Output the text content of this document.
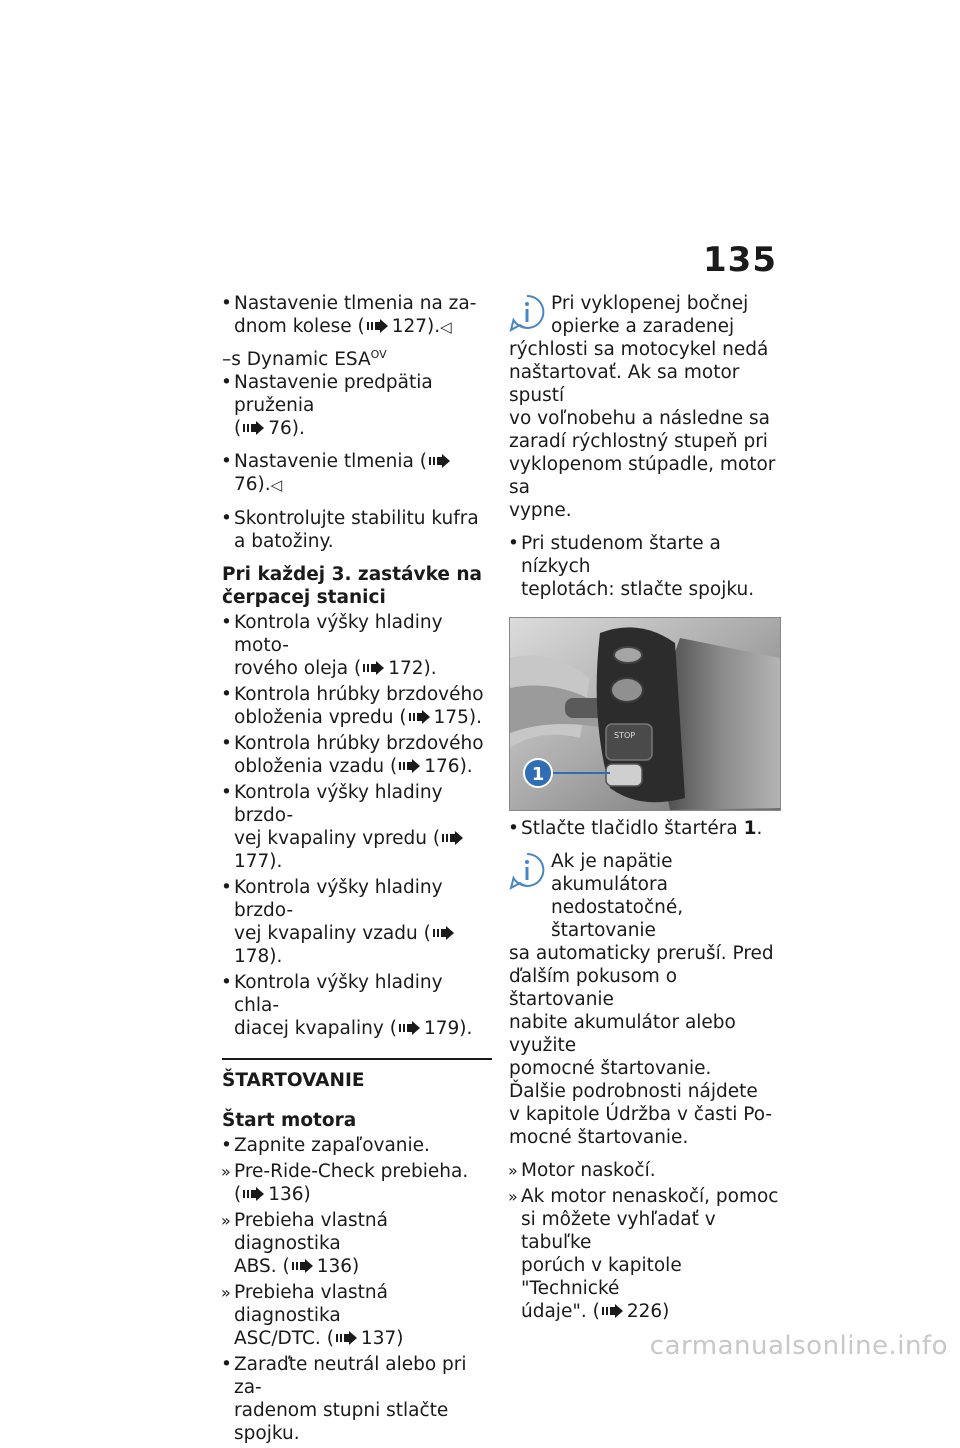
135
• Nastavenie tlmenia na za-
dnom kolese ( 127).◁
–s Dynamic $ESA^{OV}$
• Nastavenie predpätia pruženia
( 76).
• Nastavenie tlmenia (76).◁
• Skontrolujte stabilitu kufra
a batožiny.
Pri každej 3. zastávke na
čerpacej stanici
• Kontrola výšky hladiny moto-
rového oleja ( 172).
• Kontrola hrúbky brzdového
obloženia vpredu ( 175).
• Kontrola hrúbky brzdového
obloženia vzadu ( 176).
• Kontrola výšky hladiny brzdo-
vej kvapaliny vpredu (177).
• Kontrola výšky hladiny brzdo-
vej kvapaliny vzadu (178).
• Kontrola výšky hladiny chla-
diacej kvapaliny ( 179).
ŠTARTOVANIE
Štart motora
• Zapnite zapaľovanie.
» Pre-Ride-Check prebieha.
( 136)
» Prebieha vlastná diagnostika
ABS. ( 136)
» Prebieha vlastná diagnostika
ASC/DTC. ( 137)
• Zaraďte neutrál alebo pri za-
radenom stupni stlačte spojku.
Pri vyklopenej bočnej
opierke a zaradenej
rýchlosti sa motocykel nedá
naštartovať. Ak sa motor spustí
vo voľnobehu a následne sa
zaradí rýchlostný stupeň pri
vyklopenom stúpadle, motor sa
vypne.
• Pri studenom štarte a nízkych
teplotách: stlačte spojku.
STOP
1
• Stlačte tlačidlo štartéra 1.
Ak je napätie akumulátora
nedostatočné, štartovanie
sa automaticky preruší. Pred
ďalším pokusom o štartovanie
nabite akumulátor alebo využite
pomocné štartovanie.
Ďalšie podrobnosti nájdete
v kapitole Údržba v časti Po-
mocné štartovanie.
» Motor naskočí.
» Ak motor nenaskočí, pomoc
si môžete vyhľadať v tabuľke
porúch v kapitole "Technické
údaje". ( 226)
carmanualsonline.info
